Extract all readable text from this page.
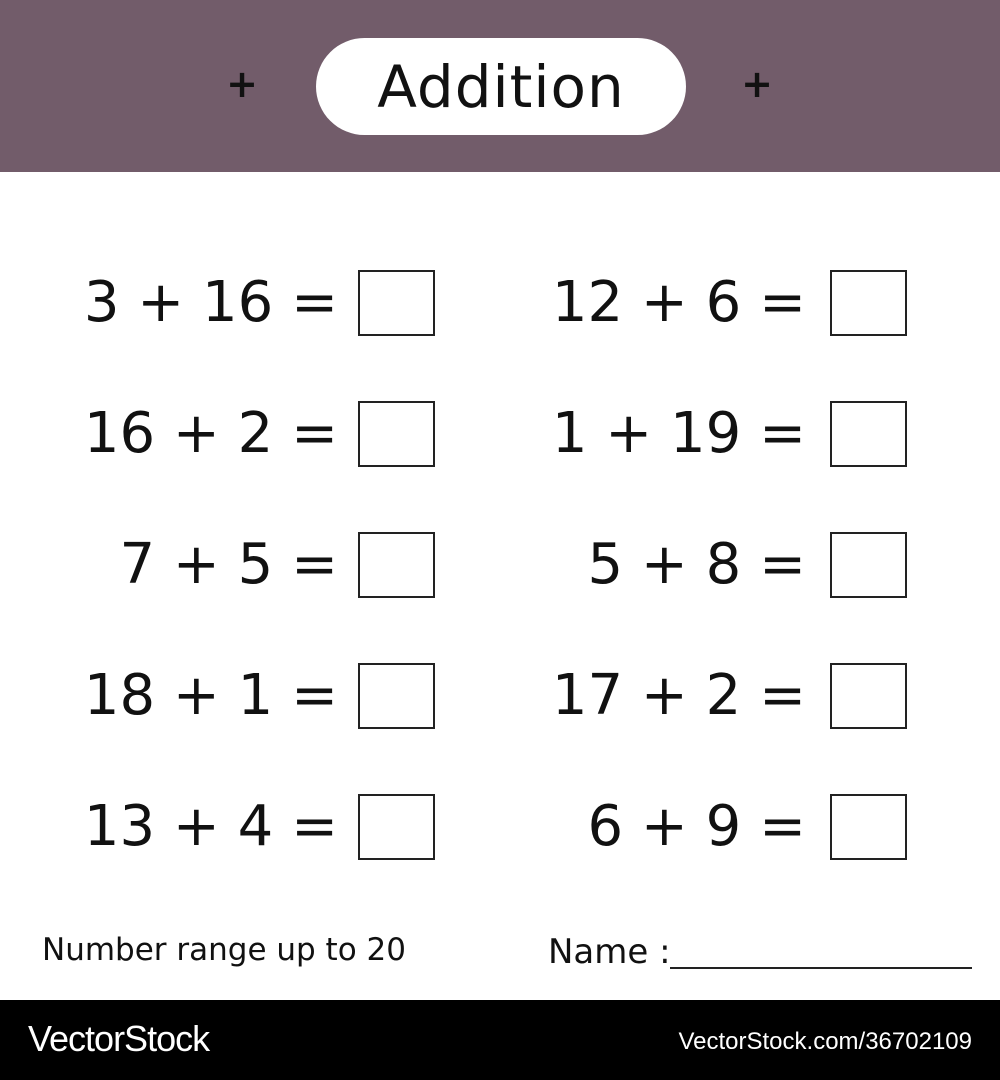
+ Addition	+
3 + 16 =
16 + 2 =
7 + 5 =
18 + 1 =
13 + 4 =
12 + 6 =
1 + 19 =
5 + 8 =
17 + 2 =
6 + 9 =
Number range up to 20	Name :
VectorStock	VectorStock.com/36702109
